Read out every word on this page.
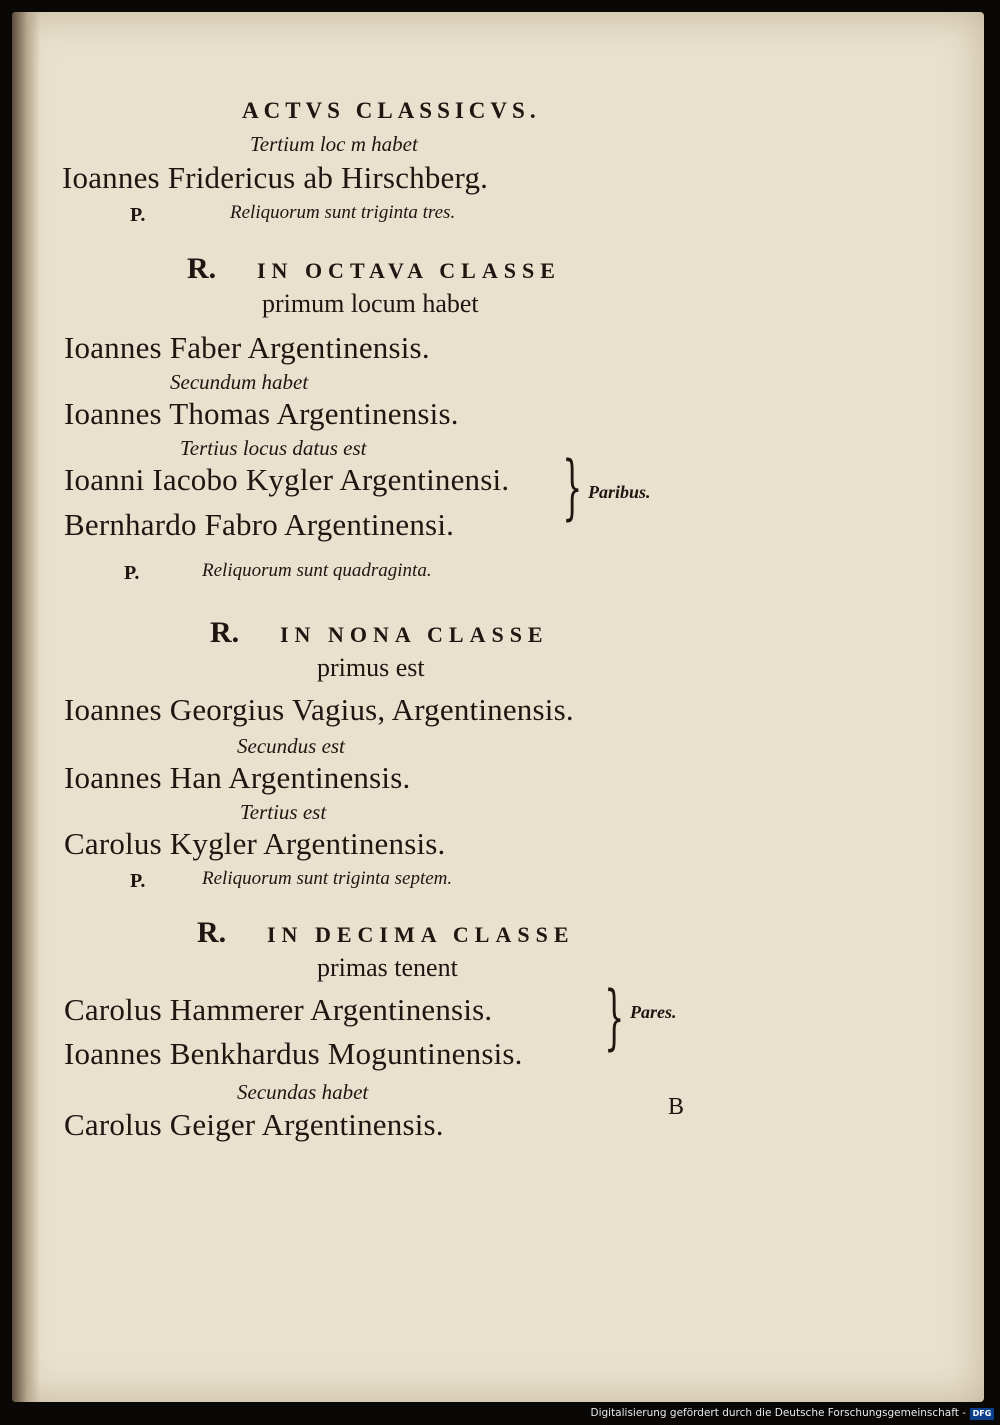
ACTVS CLASSICVS.
Tertium loc m habet
Ioannes Fridericus ab Hirschberg.
P.	Reliquorum sunt triginta tres.
R. IN OCTAVA CLASSE
primum locum habet
Ioannes Faber Argentinensis.
Secundum habet
Ioannes Thomas Argentinensis.
Tertius locus datus est
Ioanni Iacobo Kygler Argentinensi.
Bernhardo Fabro Argentinensi. } Paribus.
P.	Reliquorum sunt quadraginta.
R. IN NONA CLASSE
primus est
Ioannes Georgius Vagius, Argentinensis.
Secundus est
Ioannes Han Argentinensis.
Tertius est
Carolus Kygler Argentinensis.
P.	Reliquorum sunt triginta septem.
R. IN DECIMA CLASSE
primas tenent
Carolus Hammerer Argentinensis.
Ioannes Benkhardus Moguntinensis. } Pares.
Secundas habet
Carolus Geiger Argentinensis.	B
Digitalisierung gefördert durch die Deutsche Forschungsgemeinschaft - DFG
